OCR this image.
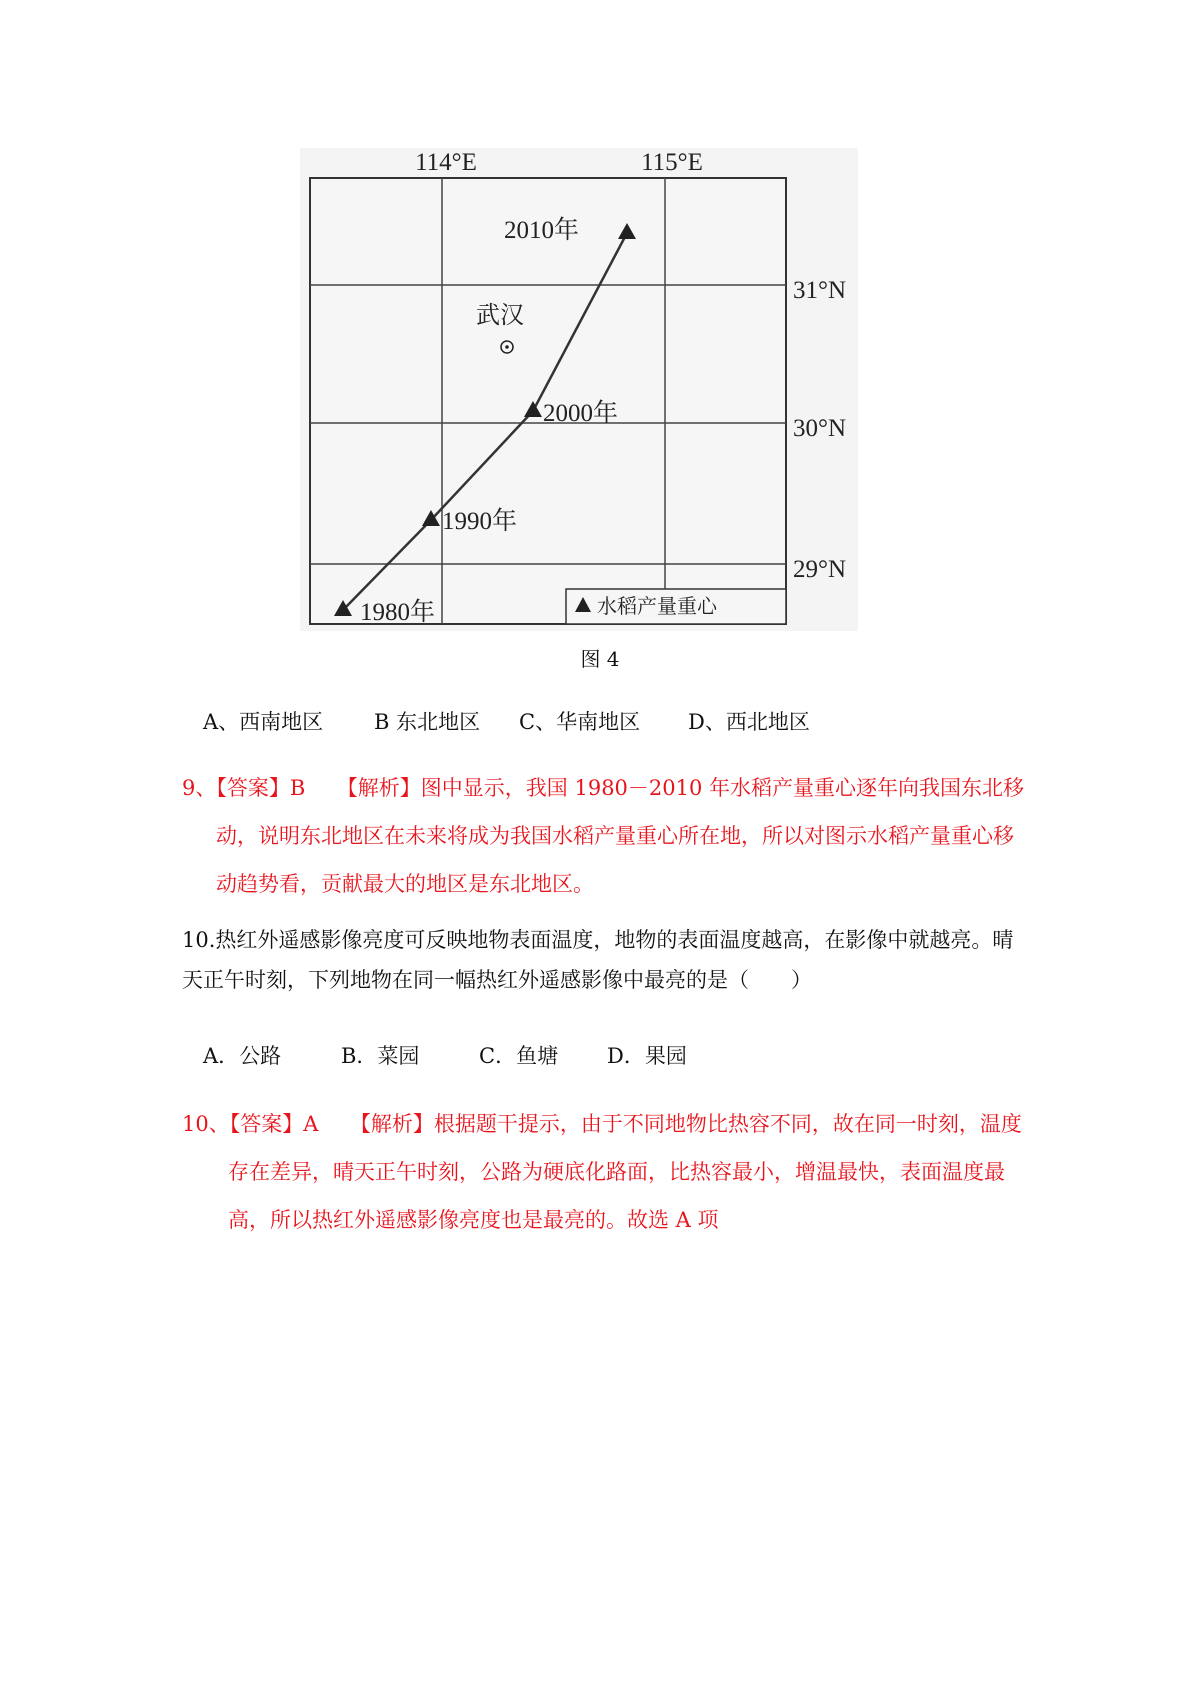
114°E	115°E
31°N
30°N
29°N
武汉
2010年
2000年
1990年
1980年	水稻产量重心
图 4
A、西南地区 B 东北地区 C、华南地区 D、西北地区
9、【答案】B　　【解析】图中显示，我国 1980－2010 年水稻产量重心逐年向我国东北移
动，说明东北地区在未来将成为我国水稻产量重心所在地，所以对图示水稻产量重心移
动趋势看，贡献最大的地区是东北地区。
10.热红外遥感影像亮度可反映地物表面温度，地物的表面温度越高，在影像中就越亮。晴
天正午时刻，下列地物在同一幅热红外遥感影像中最亮的是（　　）
A．公路	B．菜园	C．鱼塘 D．果园
10、【答案】A　　【解析】根据题干提示，由于不同地物比热容不同，故在同一时刻，温度
存在差异，晴天正午时刻，公路为硬底化路面，比热容最小，增温最快，表面温度最
高，所以热红外遥感影像亮度也是最亮的。故选 A 项
